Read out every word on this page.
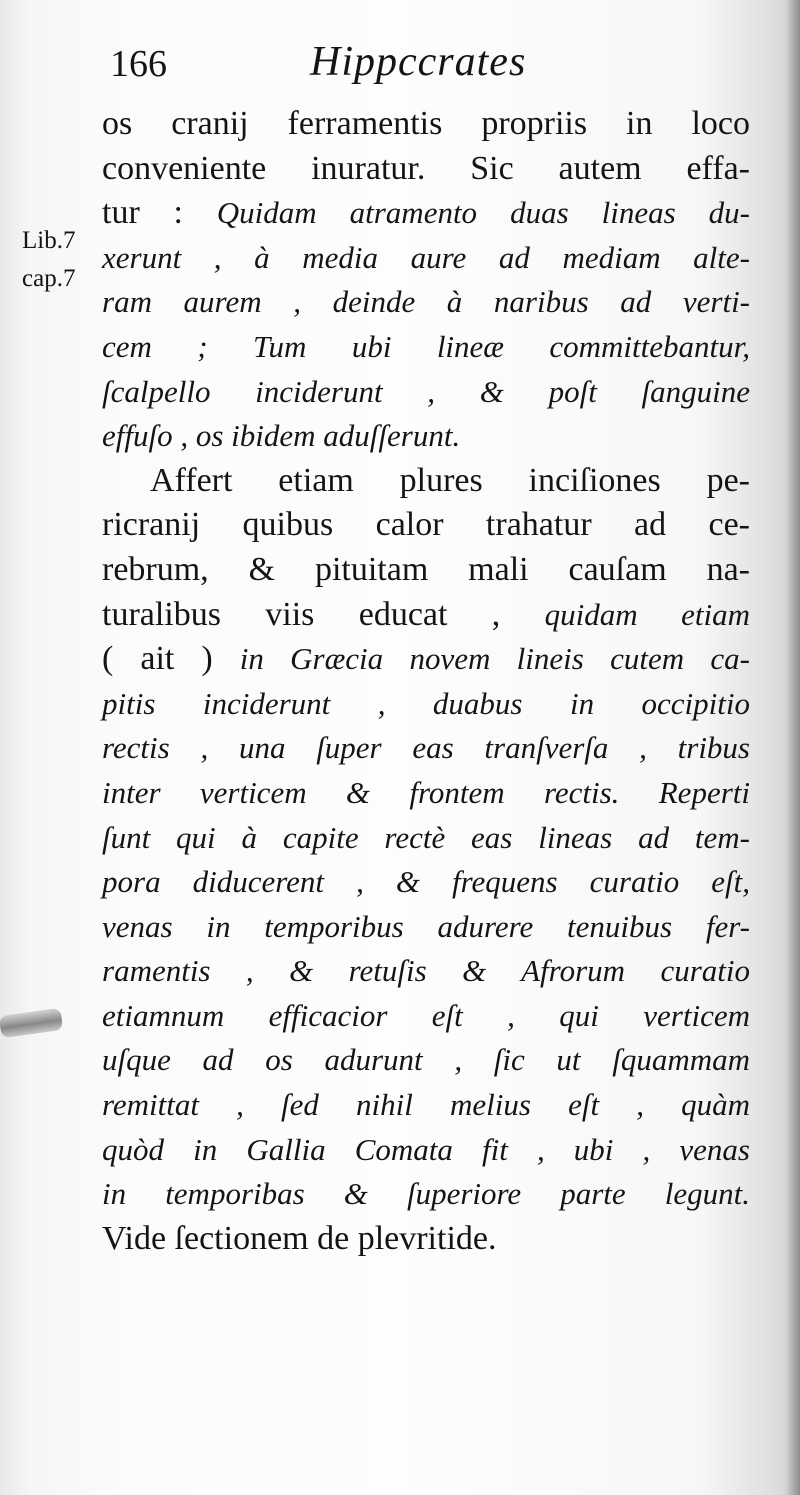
166	Hippccrates
Lib.7
cap.7
os cranij ferramentis propriis in loco
conveniente inuratur. Sic autem effa-
tur : Quidam atramento duas lineas du-
xerunt , à media aure ad mediam alte-
ram aurem , deinde à naribus ad verti-
cem ; Tum ubi lineæ committebantur,
ſcalpello inciderunt , & poſt ſanguine
effuſo , os ibidem aduſſerunt.
Affert etiam plures inciſiones pe-
ricranij quibus calor trahatur ad ce-
rebrum, & pituitam mali cauſam na-
turalibus viis educat , quidam etiam
( ait ) in Græcia novem lineis cutem ca-
pitis inciderunt , duabus in occipitio
rectis , una ſuper eas tranſverſa , tribus
inter verticem & frontem rectis. Reperti
ſunt qui à capite rectè eas lineas ad tem-
pora diducerent , & frequens curatio eſt,
venas in temporibus adurere tenuibus fer-
ramentis , & retuſis & Afrorum curatio
etiamnum efficacior eſt , qui verticem
uſque ad os adurunt , ſic ut ſquammam
remittat , ſed nihil melius eſt , quàm
quòd in Gallia Comata fit , ubi , venas
in temporibas & ſuperiore parte legunt.
Vide ſectionem de plevritide.
